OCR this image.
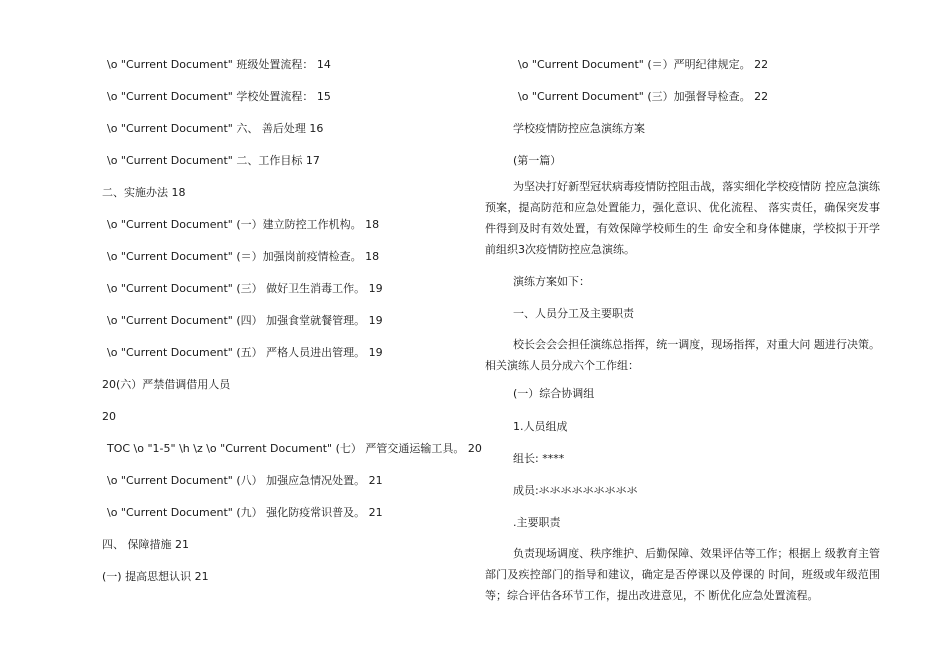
\o "Current Document" 班级处置流程： 14
\o "Current Document" 学校处置流程： 15
\o "Current Document" 六、 善后处理 16
\o "Current Document" 二、工作目标 17
二、实施办法 18
\o "Current Document" (一）建立防控工作机构。 18
\o "Current Document" (＝）加强岗前疫情检查。 18
\o "Current Document" (三） 做好卫生消毒工作。 19
\o "Current Document" (四） 加强食堂就餐管理。 19
\o "Current Document" (五） 严格人员进出管理。 19
20(六）严禁借调借用人员
20
TOC \o "1-5" \h \z \o "Current Document" (七） 严管交通运输工具。 20
\o "Current Document" (八） 加强应急情况处置。 21
\o "Current Document" (九） 强化防疫常识普及。 21
四、 保障措施 21
(一) 提高思想认识 21
\o "Current Document" (＝）严明纪律规定。 22
\o "Current Document" (三）加强督导检查。 22
学校疫情防控应急演练方案
(第一篇）
为坚决打好新型冠状病毒疫情防控阻击战，落实细化学校疫情防 控应急演练预案，提高防范和应急处置能力，强化意识、优化流程、 落实责任，确保突发事件得到及时有效处置，有效保障学校师生的生 命安全和身体健康，学校拟于开学前组织3次疫情防控应急演练。
演练方案如下：
一、人员分工及主要职责
校长会会会担任演练总指挥，统一调度，现场指挥，对重大问 题进行决策。相关演练人员分成六个工作组：
(一）综合协调组
1.人员组成
组长: ****
成员:氺氺氺氺氺氺氺氺氺
.主要职责
负责现场调度、秩序维护、后勤保障、效果评估等工作；根据上 级教育主管部门及疾控部门的指导和建议，确定是否停课以及停课的 时间，班级或年级范围等；综合评估各环节工作，提出改进意见，不 断优化应急处置流程。
